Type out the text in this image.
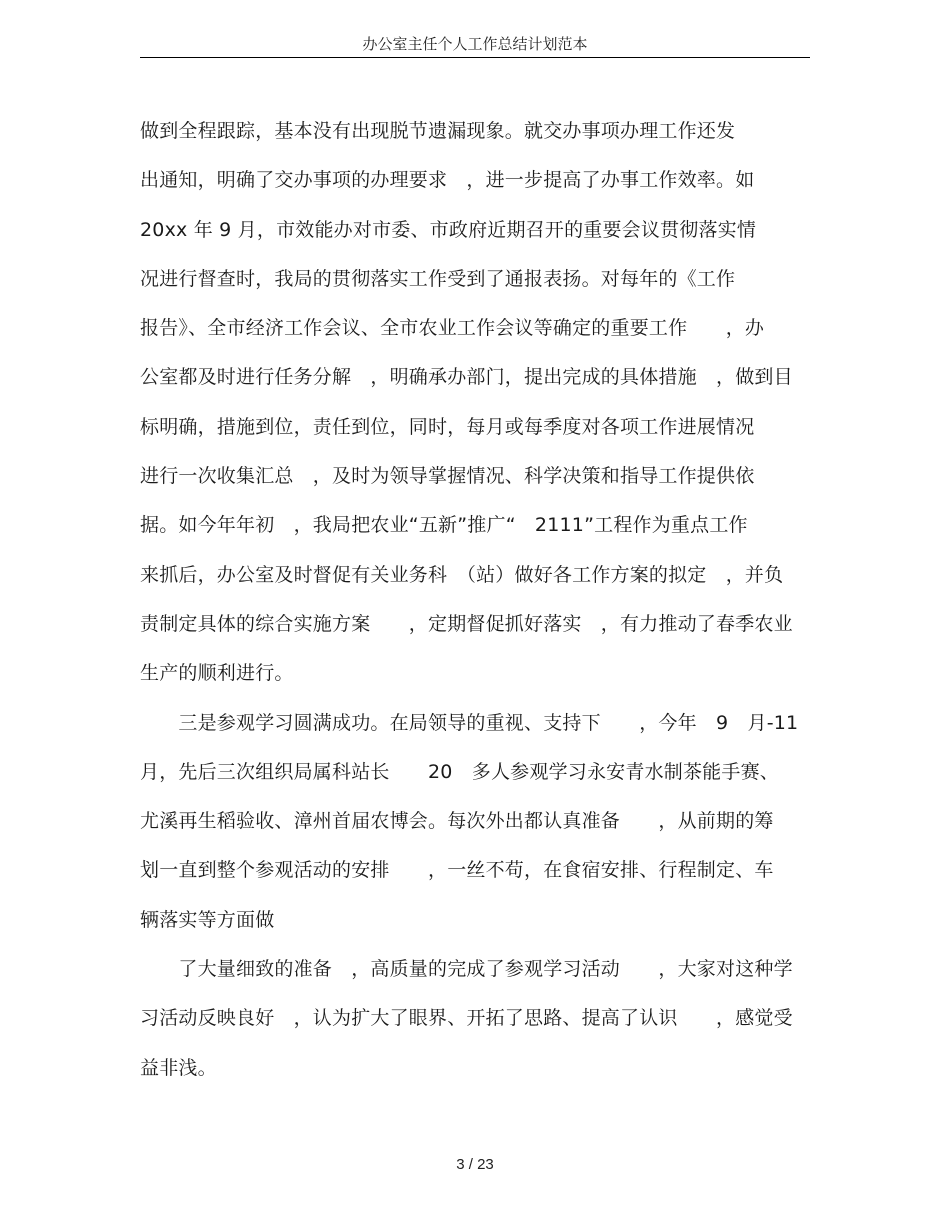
办公室主任个人工作总结计划范本
做到全程跟踪，基本没有出现脱节遗漏现象。就交办事项办理工作还发
出通知，明确了交办事项的办理要求　，进一步提高了办事工作效率。如
20xx 年 9 月，市效能办对市委、市政府近期召开的重要会议贯彻落实情
况进行督查时，我局的贯彻落实工作受到了通报表扬。对每年的《工作
报告》、全市经济工作会议、全市农业工作会议等确定的重要工作　　，办
公室都及时进行任务分解　，明确承办部门，提出完成的具体措施　，做到目
标明确，措施到位，责任到位，同时，每月或每季度对各项工作进展情况
进行一次收集汇总　，及时为领导掌握情况、科学决策和指导工作提供依
据。如今年年初　，我局把农业“五新”推广“　2111”工程作为重点工作
来抓后，办公室及时督促有关业务科　（站）做好各工作方案的拟定　，并负
责制定具体的综合实施方案　　，定期督促抓好落实　，有力推动了春季农业
生产的顺利进行。
　　三是参观学习圆满成功。在局领导的重视、支持下　　，今年　9　月-11
月，先后三次组织局属科站长　　20　多人参观学习永安青水制茶能手赛、
尤溪再生稻验收、漳州首届农博会。每次外出都认真准备　　，从前期的筹
划一直到整个参观活动的安排　　，一丝不苟，在食宿安排、行程制定、车
辆落实等方面做
　　了大量细致的准备　，高质量的完成了参观学习活动　　，大家对这种学
习活动反映良好　，认为扩大了眼界、开拓了思路、提高了认识　　，感觉受
益非浅。
3 / 23
